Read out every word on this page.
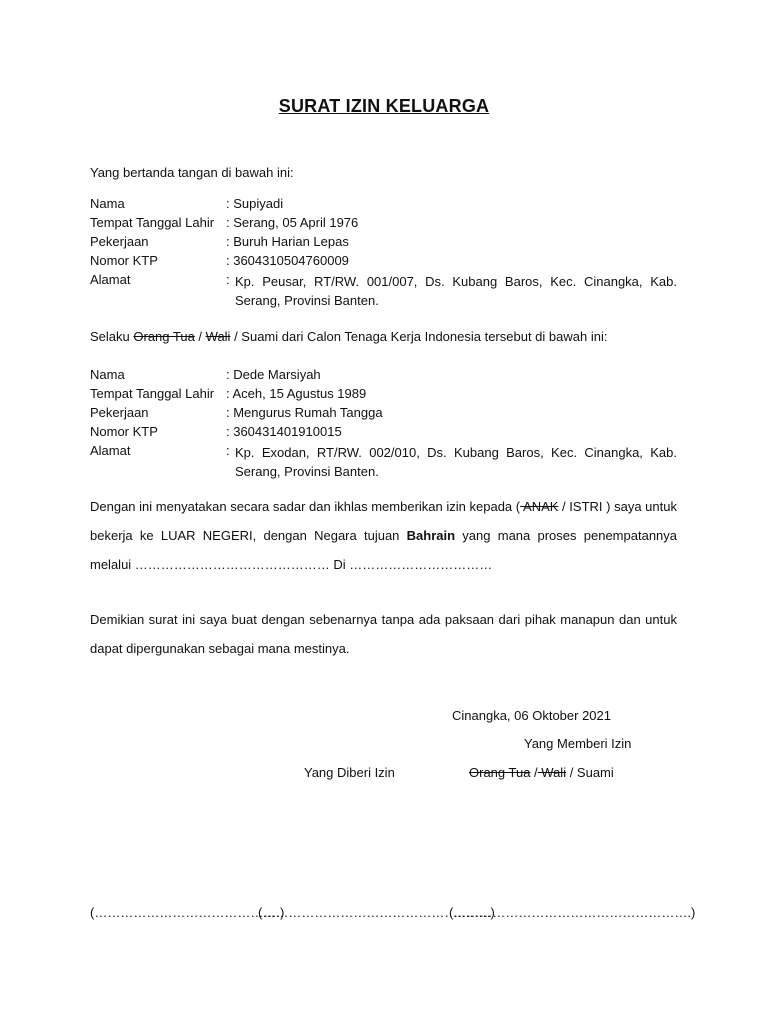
SURAT IZIN KELUARGA
Yang bertanda tangan di bawah ini:
Nama	: Supiyadi
Tempat Tanggal Lahir : Serang, 05 April 1976
Pekerjaan	: Buruh Harian Lepas
Nomor KTP	: 3604310504760009
Alamat	: Kp. Peusar, RT/RW. 001/007, Ds. Kubang Baros, Kec. Cinangka, Kab. Serang, Provinsi Banten.
Selaku Orang Tua / Wali / Suami dari Calon Tenaga Kerja Indonesia tersebut di bawah ini:
Nama	: Dede Marsiyah
Tempat Tanggal Lahir : Aceh, 15 Agustus 1989
Pekerjaan	: Mengurus Rumah Tangga
Nomor KTP	: 360431401910015
Alamat	: Kp. Exodan, RT/RW. 002/010, Ds. Kubang Baros, Kec. Cinangka, Kab. Serang, Provinsi Banten.
Dengan ini menyatakan secara sadar dan ikhlas memberikan izin kepada ( ANAK / ISTRI ) saya untuk bekerja ke LUAR NEGERI, dengan Negara tujuan Bahrain yang mana proses penempatannya melalui ……………………………………… Di ……………………………
Demikian surat ini saya buat dengan sebenarnya tanpa ada paksaan dari pihak manapun dan untuk dapat dipergunakan sebagai mana mestinya.
Cinangka, 06 Oktober 2021
Yang Memberi Izin
Yang Diberi Izin	Orang Tua / Wali / Suami
(…………………………………….)
(……………………………………….…….)
(……………………………………………….)
